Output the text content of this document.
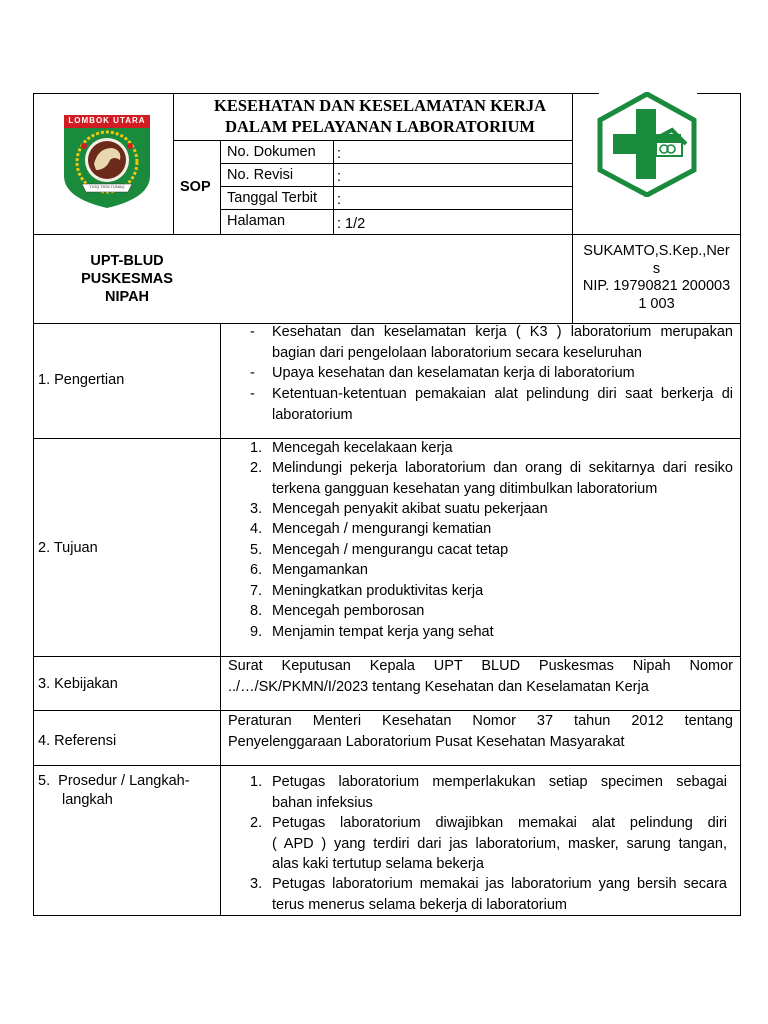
LOMBOK UTARA
TIOQ TATA TUNAQ
KESEHATAN DAN KESELAMATAN KERJA
DALAM PELAYANAN LABORATORIUM
SOP
No. Dokumen :
No. Revisi	:
Tanggal Terbit :
Halaman	: 1/2
UPT-BLUD
PUSKESMAS
NIPAH
SUKAMTO,S.Kep.,Ner
s
NIP. 19790821 200003
1 003
1. Pengertian
- Kesehatan dan keselamatan kerja ( K3 ) laboratorium merupakan
bagian dari pengelolaan laboratorium secara keseluruhan
- Upaya kesehatan dan keselamatan kerja di laboratorium
- Ketentuan-ketentuan pemakaian alat pelindung diri saat berkerja di
laboratorium
2. Tujuan
1. Mencegah kecelakaan kerja
2. Melindungi pekerja laboratorium dan orang di sekitarnya dari resiko
terkena gangguan kesehatan yang ditimbulkan laboratorium
3. Mencegah penyakit akibat suatu pekerjaan
4. Mencegah / mengurangi kematian
5. Mencegah / mengurangu cacat tetap
6. Mengamankan
7. Meningkatkan produktivitas kerja
8. Mencegah pemborosan
9. Menjamin tempat kerja yang sehat
3. Kebijakan
Surat Keputusan Kepala UPT BLUD Puskesmas Nipah Nomor
../…/SK/PKMN/I/2023 tentang Kesehatan dan Keselamatan Kerja
4. Referensi
Peraturan Menteri Kesehatan Nomor 37 tahun 2012 tentang
Penyelenggaraan Laboratorium Pusat Kesehatan Masyarakat
5.  Prosedur / Langkah-
langkah
1. Petugas laboratorium memperlakukan setiap specimen sebagai
bahan infeksius
2. Petugas laboratorium diwajibkan memakai alat pelindung diri
( APD ) yang terdiri dari jas laboratorium, masker, sarung tangan,
alas kaki tertutup selama bekerja
3. Petugas laboratorium memakai jas laboratorium yang bersih secara
terus menerus selama bekerja di laboratorium
